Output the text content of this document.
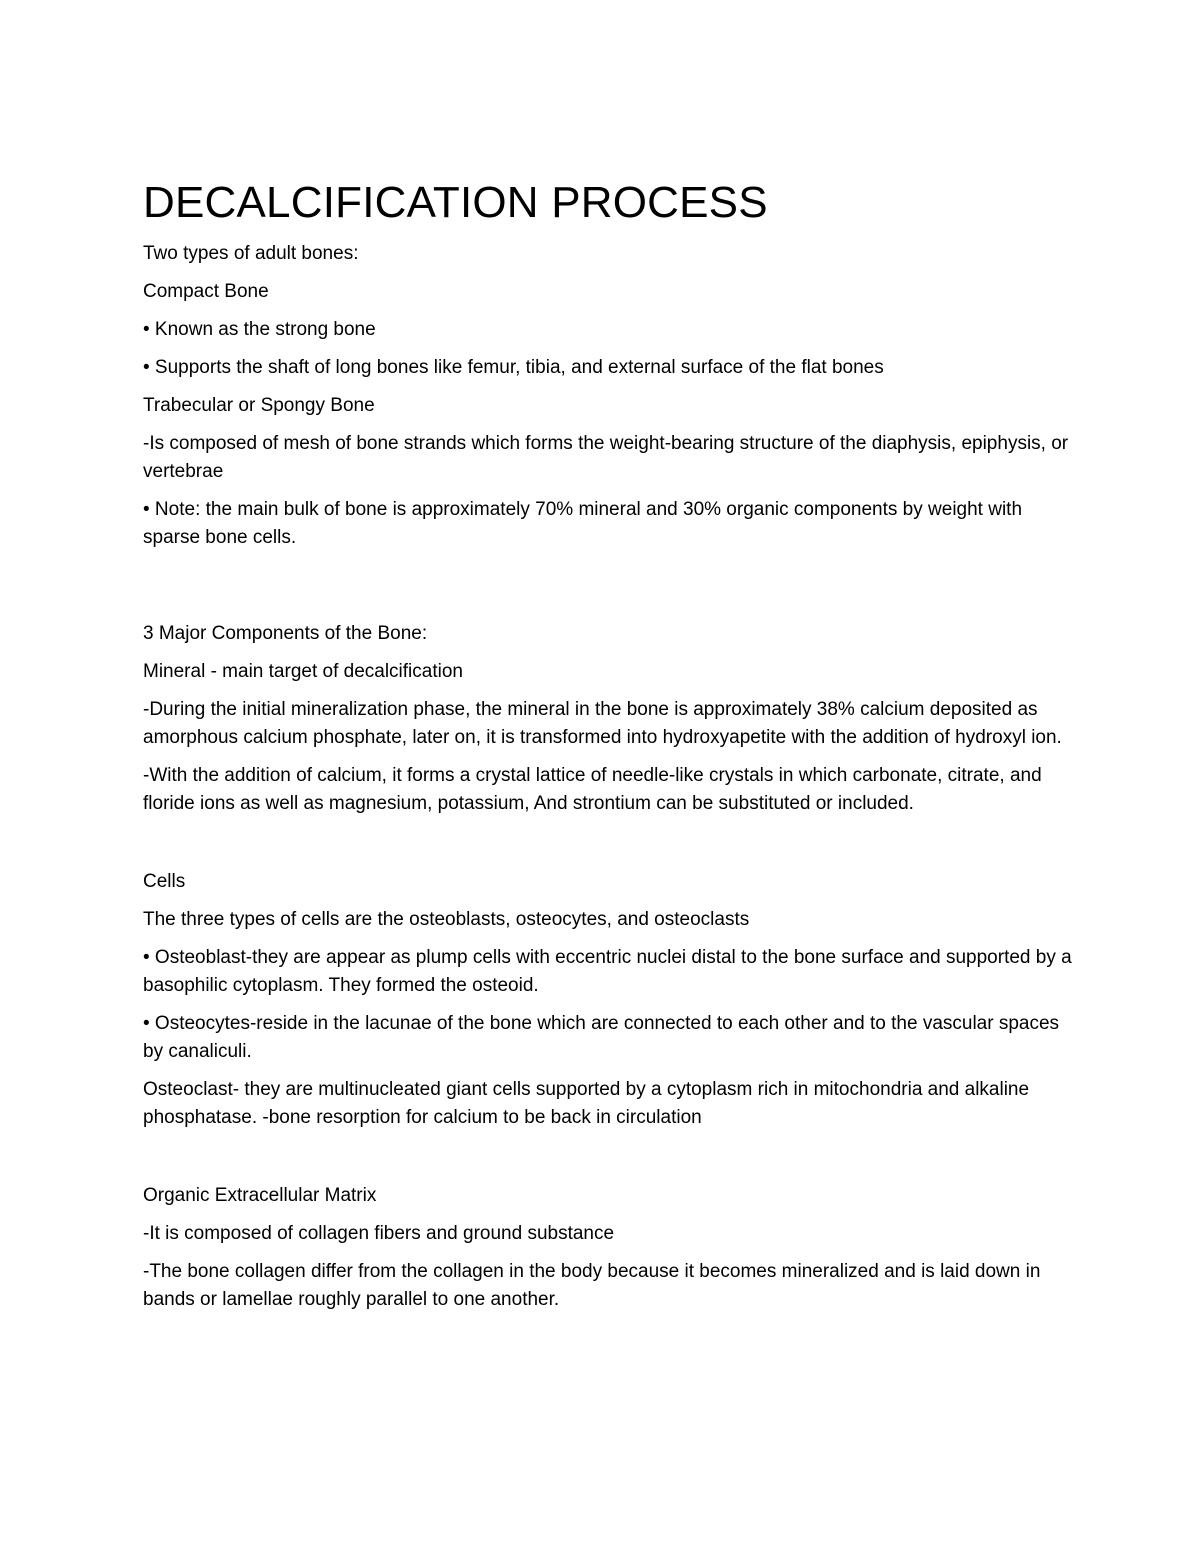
DECALCIFICATION PROCESS

Two types of adult bones:

Compact Bone

• Known as the strong bone

• Supports the shaft of long bones like femur, tibia, and external surface of the flat bones

Trabecular or Spongy Bone

-Is composed of mesh of bone strands which forms the weight-bearing structure of the diaphysis, epiphysis, or vertebrae

• Note: the main bulk of bone is approximately 70% mineral and 30% organic components by weight with sparse bone cells.

3 Major Components of the Bone:

Mineral - main target of decalcification

-During the initial mineralization phase, the mineral in the bone is approximately 38% calcium deposited as amorphous calcium phosphate, later on, it is transformed into hydroxyapetite with the addition of hydroxyl ion.

-With the addition of calcium, it forms a crystal lattice of needle-like crystals in which carbonate, citrate, and floride ions as well as magnesium, potassium, And strontium can be substituted or included.

Cells

The three types of cells are the osteoblasts, osteocytes, and osteoclasts

• Osteoblast-they are appear as plump cells with eccentric nuclei distal to the bone surface and supported by a basophilic cytoplasm. They formed the osteoid.

• Osteocytes-reside in the lacunae of the bone which are connected to each other and to the vascular spaces by canaliculi.

Osteoclast- they are multinucleated giant cells supported by a cytoplasm rich in mitochondria and alkaline phosphatase. -bone resorption for calcium to be back in circulation

Organic Extracellular Matrix

-It is composed of collagen fibers and ground substance

-The bone collagen differ from the collagen in the body because it becomes mineralized and is laid down in bands or lamellae roughly parallel to one another.
